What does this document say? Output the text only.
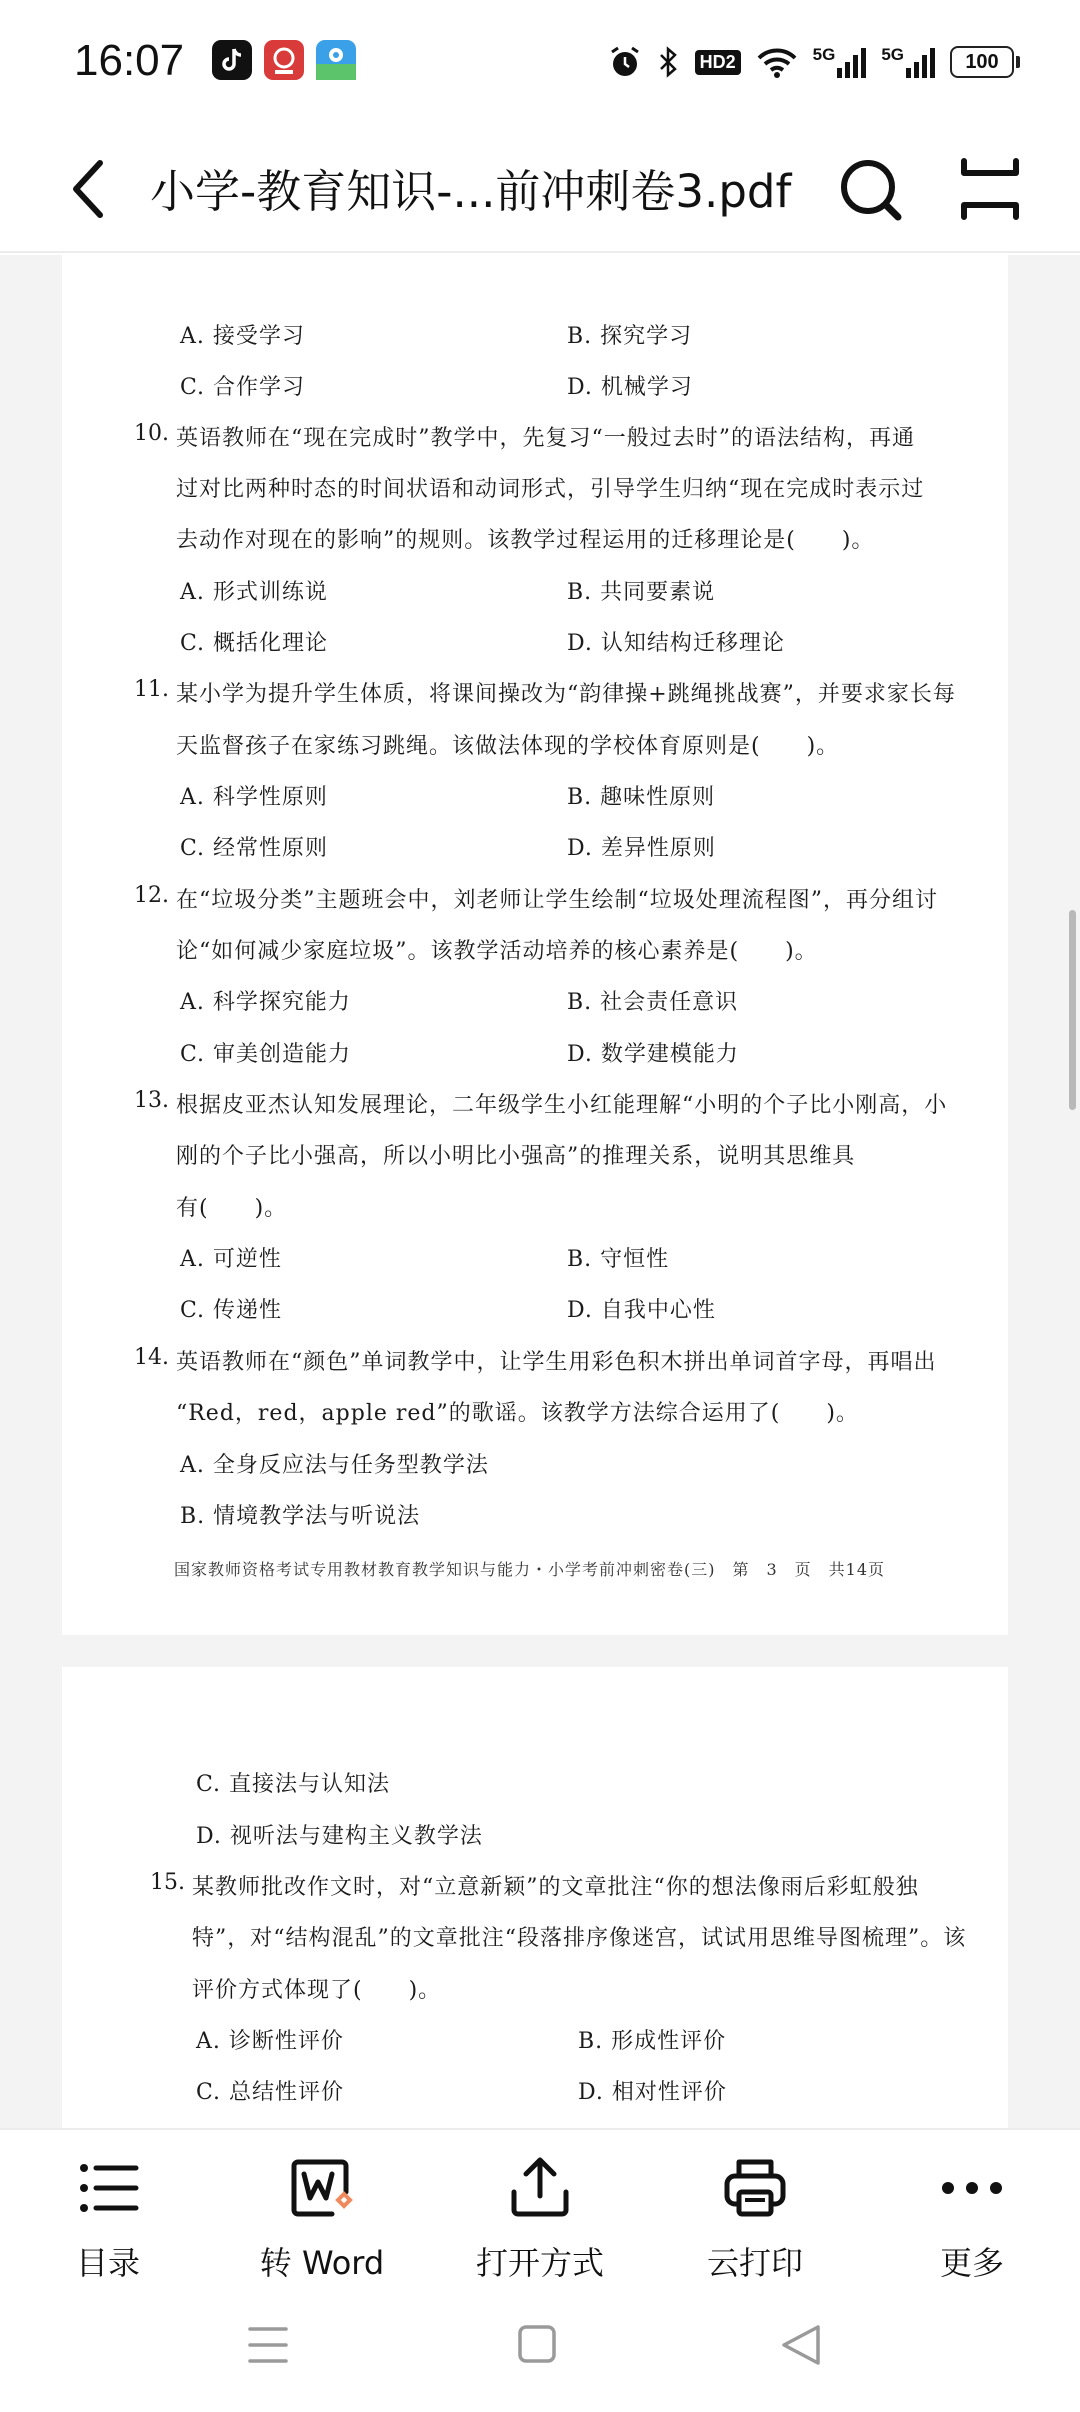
16:07	HD2	5G	5G	100
小学-教育知识-...前冲刺卷3.pdf
A. 接受学习	B. 探究学习
C. 合作学习	D. 机械学习
10. 英语教师在“现在完成时”教学中，先复习“一般过去时”的语法结构，再通
过对比两种时态的时间状语和动词形式，引导学生归纳“现在完成时表示过
去动作对现在的影响”的规则。该教学过程运用的迁移理论是(　　)。
A. 形式训练说	B. 共同要素说
C. 概括化理论	D. 认知结构迁移理论
11. 某小学为提升学生体质，将课间操改为“韵律操+跳绳挑战赛”，并要求家长每
天监督孩子在家练习跳绳。该做法体现的学校体育原则是(　　)。
A. 科学性原则	B. 趣味性原则
C. 经常性原则	D. 差异性原则
12. 在“垃圾分类”主题班会中，刘老师让学生绘制“垃圾处理流程图”，再分组讨
论“如何减少家庭垃圾”。该教学活动培养的核心素养是(　　)。
A. 科学探究能力	B. 社会责任意识
C. 审美创造能力	D. 数学建模能力
13. 根据皮亚杰认知发展理论，二年级学生小红能理解“小明的个子比小刚高，小
刚的个子比小强高，所以小明比小强高”的推理关系，说明其思维具
有(　　)。
A. 可逆性	B. 守恒性
C. 传递性	D. 自我中心性
14. 英语教师在“颜色”单词教学中，让学生用彩色积木拼出单词首字母，再唱出
“Red，red，apple red”的歌谣。该教学方法综合运用了(　　)。
A. 全身反应法与任务型教学法
B. 情境教学法与听说法
国家教师资格考试专用教材教育教学知识与能力・小学考前冲刺密卷(三)　第　3　页　共14页
C. 直接法与认知法
D. 视听法与建构主义教学法
15. 某教师批改作文时，对“立意新颖”的文章批注“你的想法像雨后彩虹般独
特”，对“结构混乱”的文章批注“段落排序像迷宫，试试用思维导图梳理”。该
评价方式体现了(　　)。
A. 诊断性评价	B. 形成性评价
C. 总结性评价	D. 相对性评价
目录	转 Word	打开方式	云打印	更多
